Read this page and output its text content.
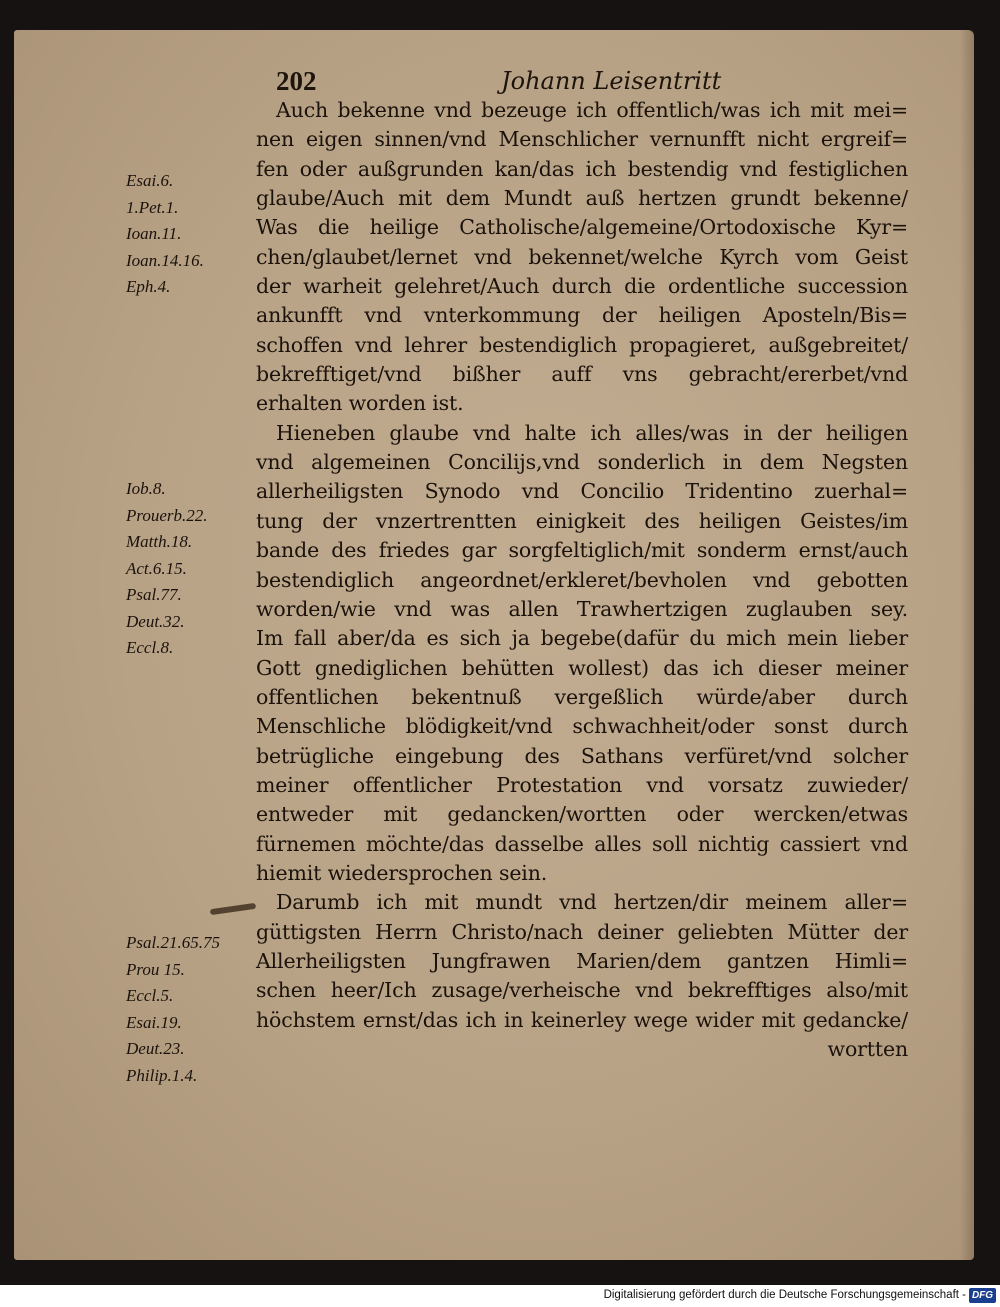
202	Johann Leisentritt
Auch bekenne vnd bezeuge ich offentlich/was ich mit mei=
nen eigen sinnen/vnd Menschlicher vernunfft nicht ergreif=
fen oder außgrunden kan/das ich bestendig vnd festiglichen
glaube/Auch mit dem Mundt auß hertzen grundt bekenne/
Was die heilige Catholische/algemeine/Ortodoxische Kyr=
chen/glaubet/lernet vnd bekennet/welche Kyrch vom Geist
der warheit gelehret/Auch durch die ordentliche succession
ankunfft vnd vnterkommung der heiligen Aposteln/Bis=
schoffen vnd lehrer bestendiglich propagieret, außgebreitet/
bekrefftiget/vnd bißher auff vns gebracht/ererbet/vnd
erhalten worden ist.
Hieneben glaube vnd halte ich alles/was in der heiligen
vnd algemeinen Concilijs,vnd sonderlich in dem Negsten
allerheiligsten Synodo vnd Concilio Tridentino zuerhal=
tung der vnzertrentten einigkeit des heiligen Geistes/im
bande des friedes gar sorgfeltiglich/mit sonderm ernst/auch
bestendiglich angeordnet/erkleret/bevholen vnd gebotten
worden/wie vnd was allen Trawhertzigen zuglauben sey.
Im fall aber/da es sich ja begebe(dafür du mich mein lieber
Gott gnediglichen behütten wollest) das ich dieser meiner
offentlichen bekentnuß vergeßlich würde/aber durch
Menschliche blödigkeit/vnd schwachheit/oder sonst durch
betrügliche eingebung des Sathans verfüret/vnd solcher
meiner offentlicher Protestation vnd vorsatz zuwieder/
entweder mit gedancken/wortten oder wercken/etwas
fürnemen möchte/das dasselbe alles soll nichtig cassiert vnd
hiemit wiedersprochen sein.
Darumb ich mit mundt vnd hertzen/dir meinem aller=
güttigsten Herrn Christo/nach deiner geliebten Mütter der
Allerheiligsten Jungfrawen Marien/dem gantzen Himli=
schen heer/Ich zusage/verheische vnd bekrefftiges also/mit
höchstem ernst/das ich in keinerley wege wider mit gedancke/
wortten
Esai.6.
1.Pet.1.
Ioan.11.
Ioan.14.16.
Eph.4.
Iob.8.
Prouerb.22.
Matth.18.
Act.6.15.
Psal.77.
Deut.32.
Eccl.8.
Psal.21.65.75
Prou 15.
Eccl.5.
Esai.19.
Deut.23.
Philip.1.4.
Digitalisierung gefördert durch die Deutsche Forschungsgemeinschaft - DFG
